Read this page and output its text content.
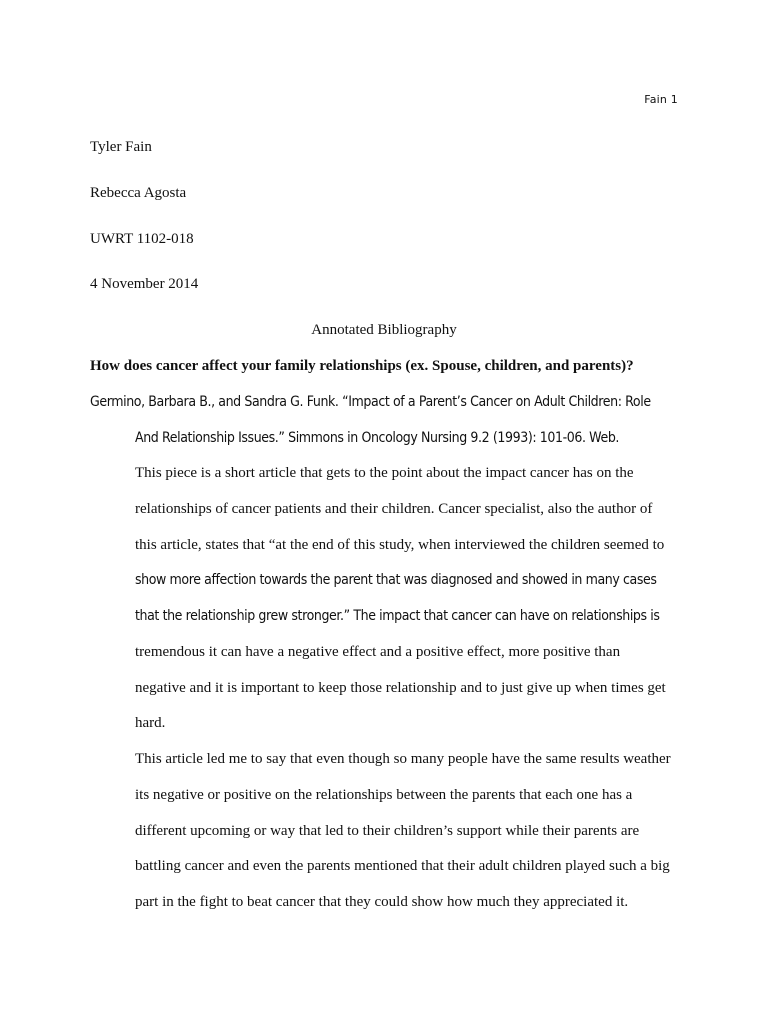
Fain 1
Tyler Fain
Rebecca Agosta
UWRT 1102-018
4 November 2014
Annotated Bibliography
How does cancer affect your family relationships (ex. Spouse, children, and parents)?
Germino, Barbara B., and Sandra G. Funk. “Impact of a Parent’s Cancer on Adult Children: Role
And Relationship Issues.” Simmons in Oncology Nursing 9.2 (1993): 101-06. Web.
This piece is a short article that gets to the point about the impact cancer has on the
relationships of cancer patients and their children. Cancer specialist, also the author of
this article, states that “at the end of this study, when interviewed the children seemed to
show more affection towards the parent that was diagnosed and showed in many cases
that the relationship grew stronger.” The impact that cancer can have on relationships is
tremendous it can have a negative effect and a positive effect, more positive than
negative and it is important to keep those relationship and to just give up when times get
hard.
This article led me to say that even though so many people have the same results weather
its negative or positive on the relationships between the parents that each one has a
different upcoming or way that led to their children’s support while their parents are
battling cancer and even the parents mentioned that their adult children played such a big
part in the fight to beat cancer that they could show how much they appreciated it.
